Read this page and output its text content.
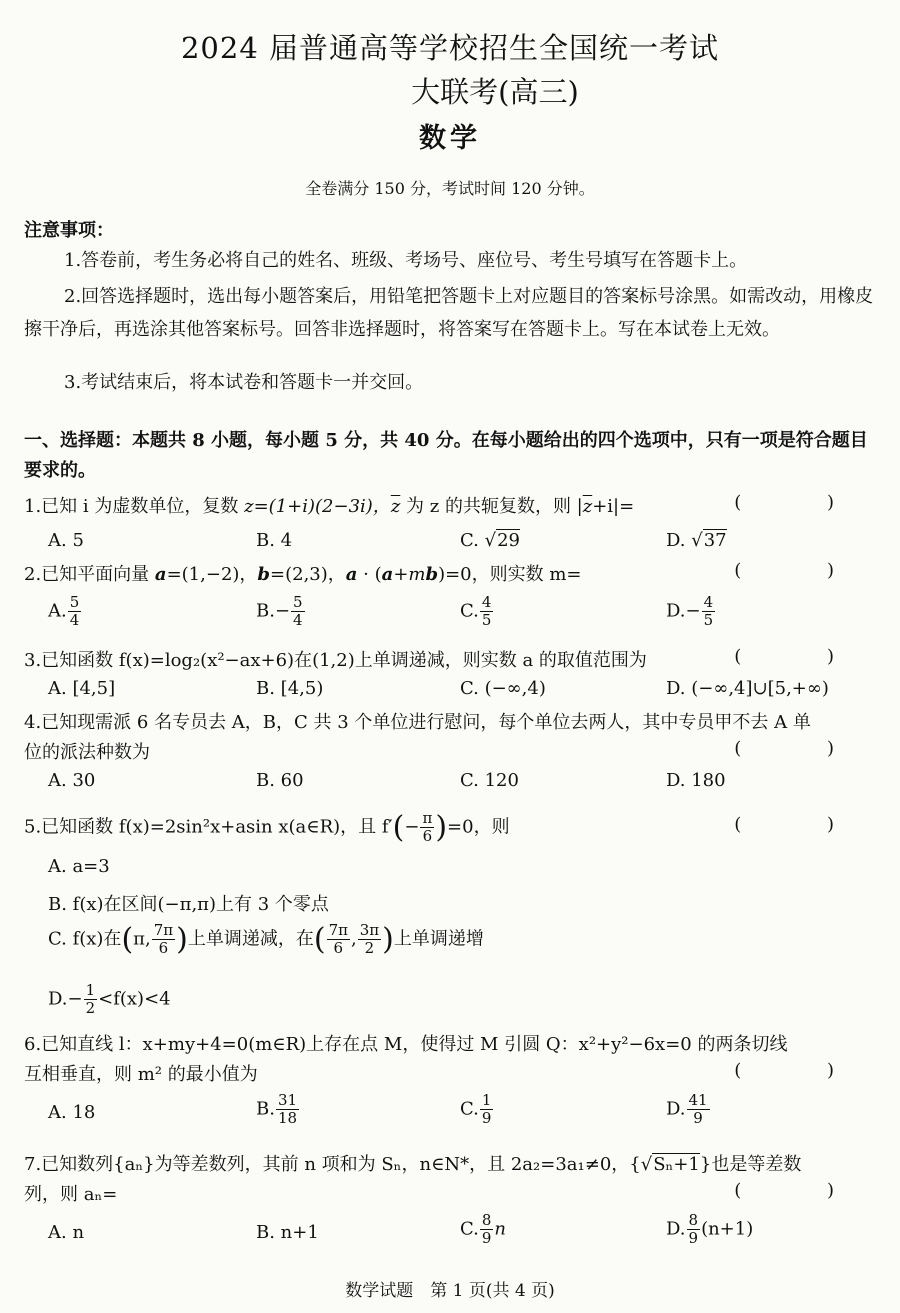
2024 届普通高等学校招生全国统一考试
大联考(高三)
数学
全卷满分 150 分，考试时间 120 分钟。
注意事项：
1.答卷前，考生务必将自己的姓名、班级、考场号、座位号、考生号填写在答题卡上。
2.回答选择题时，选出每小题答案后，用铅笔把答题卡上对应题目的答案标号涂黑。如需改动，用橡皮擦干净后，再选涂其他答案标号。回答非选择题时，将答案写在答题卡上。写在本试卷上无效。
3.考试结束后，将本试卷和答题卡一并交回。
一、选择题：本题共 8 小题，每小题 5 分，共 40 分。在每小题给出的四个选项中，只有一项是符合题目要求的。
1.已知 i 为虚数单位，复数 z=(1+i)(2−3i)，$\overline{z}$ 为 z 的共轭复数，则 $|\overline{z}+i|=$	( )
A. 5	B. 4	C. √29	D. √37
2.已知平面向量 a=(1,−2)，b=(2,3)，a · (a+mb)=0，则实数 m=	( )
A. $\frac{5}{4}$	$B.- \frac{5}{4}$	C. $\frac{4}{5}$	$D.- \frac{4}{5}$
3.已知函数 f(x)=log₂(x²−ax+6)在(1,2)上单调递减，则实数 a 的取值范围为	( )
A. [4,5]	B. [4,5)	C. (−∞,4)	D. (−∞,4]∪[5,+∞)
4.已知现需派 6 名专员去 A，B，C 共 3 个单位进行慰问，每个单位去两人，其中专员甲不去 A 单
位的派法种数为	( )
A. 30	B. 60	C. 120	D. 180
5.已知函数 f(x)=2sin²x+asin x(a∈R)，且 $f'(- \frac{\pi}{6} )=0$，则	( )
A. a=3
B. f(x)在区间(−π,π)上有 3 个零点
C. f(x)在(π, $\frac{7\pi}{6}$ )上单调递减，在( $\frac{7\pi}{6}$ , $\frac{3\pi}{2}$ )上单调递增
$D.- \frac{1}{2} <f(x)<4$
6.已知直线 l：x+my+4=0(m∈R)上存在点 M，使得过 M 引圆 Q：x²+y²−6x=0 的两条切线
互相垂直，则 m² 的最小值为	( )
A. 18	B. $\frac{31}{18}$	C. $\frac{1}{9}$	D. $\frac{41}{9}$
7.已知数列{aₙ}为等差数列，其前 n 项和为 Sₙ，n∈N*，且 2a₂=3a₁≠0，{√Sₙ+1}也是等差数
列，则 aₙ=	( )
A. n	B. n+1	C. $\frac{8}{9}$ n	D. $\frac{8}{9} (n+1)$
数学试题　第 1 页(共 4 页)
